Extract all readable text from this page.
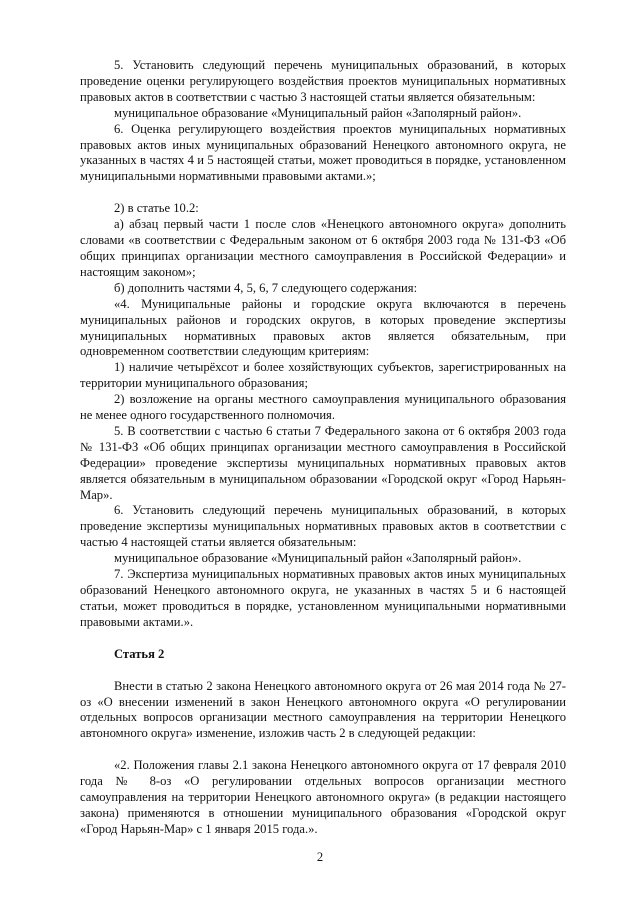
5. Установить следующий перечень муниципальных образований, в которых проведение оценки регулирующего воздействия проектов муниципальных нормативных правовых актов в соответствии с частью 3 настоящей статьи является обязательным:

муниципальное образование «Муниципальный район «Заполярный район».

6. Оценка регулирующего воздействия проектов муниципальных нормативных правовых актов иных муниципальных образований Ненецкого автономного округа, не указанных в частях 4 и 5 настоящей статьи, может проводиться в порядке, установленном муниципальными нормативными правовыми актами.»;

2) в статье 10.2:

а) абзац первый части 1 после слов «Ненецкого автономного округа» дополнить словами «в соответствии с Федеральным законом от 6 октября 2003 года № 131-ФЗ «Об общих принципах организации местного самоуправления в Российской Федерации» и настоящим законом»;

б) дополнить частями 4, 5, 6, 7 следующего содержания:

«4. Муниципальные районы и городские округа включаются в перечень муниципальных районов и городских округов, в которых проведение экспертизы муниципальных нормативных правовых актов является обязательным, при одновременном соответствии следующим критериям:

1) наличие четырёхсот и более хозяйствующих субъектов, зарегистрированных на территории муниципального образования;

2) возложение на органы местного самоуправления муниципального образования не менее одного государственного полномочия.

5. В соответствии с частью 6 статьи 7 Федерального закона от 6 октября 2003 года № 131-ФЗ «Об общих принципах организации местного самоуправления в Российской Федерации» проведение экспертизы муниципальных нормативных правовых актов является обязательным в муниципальном образовании «Городской округ «Город Нарьян-Мар».

6. Установить следующий перечень муниципальных образований, в которых проведение экспертизы муниципальных нормативных правовых актов в соответствии с частью 4 настоящей статьи является обязательным:

муниципальное образование «Муниципальный район «Заполярный район».

7. Экспертиза муниципальных нормативных правовых актов иных муниципальных образований Ненецкого автономного округа, не указанных в частях 5 и 6 настоящей статьи, может проводиться в порядке, установленном муниципальными нормативными правовыми актами.».

Статья 2

Внести в статью 2 закона Ненецкого автономного округа от 26 мая 2014 года № 27-оз «О внесении изменений в закон Ненецкого автономного округа «О регулировании отдельных вопросов организации местного самоуправления на территории Ненецкого автономного округа» изменение, изложив часть 2 в следующей редакции:

«2. Положения главы 2.1 закона Ненецкого автономного округа от 17 февраля 2010 года № 8-оз «О регулировании отдельных вопросов организации местного самоуправления на территории Ненецкого автономного округа» (в редакции настоящего закона) применяются в отношении муниципального образования «Городской округ «Город Нарьян-Мар» с 1 января 2015 года.».

2
